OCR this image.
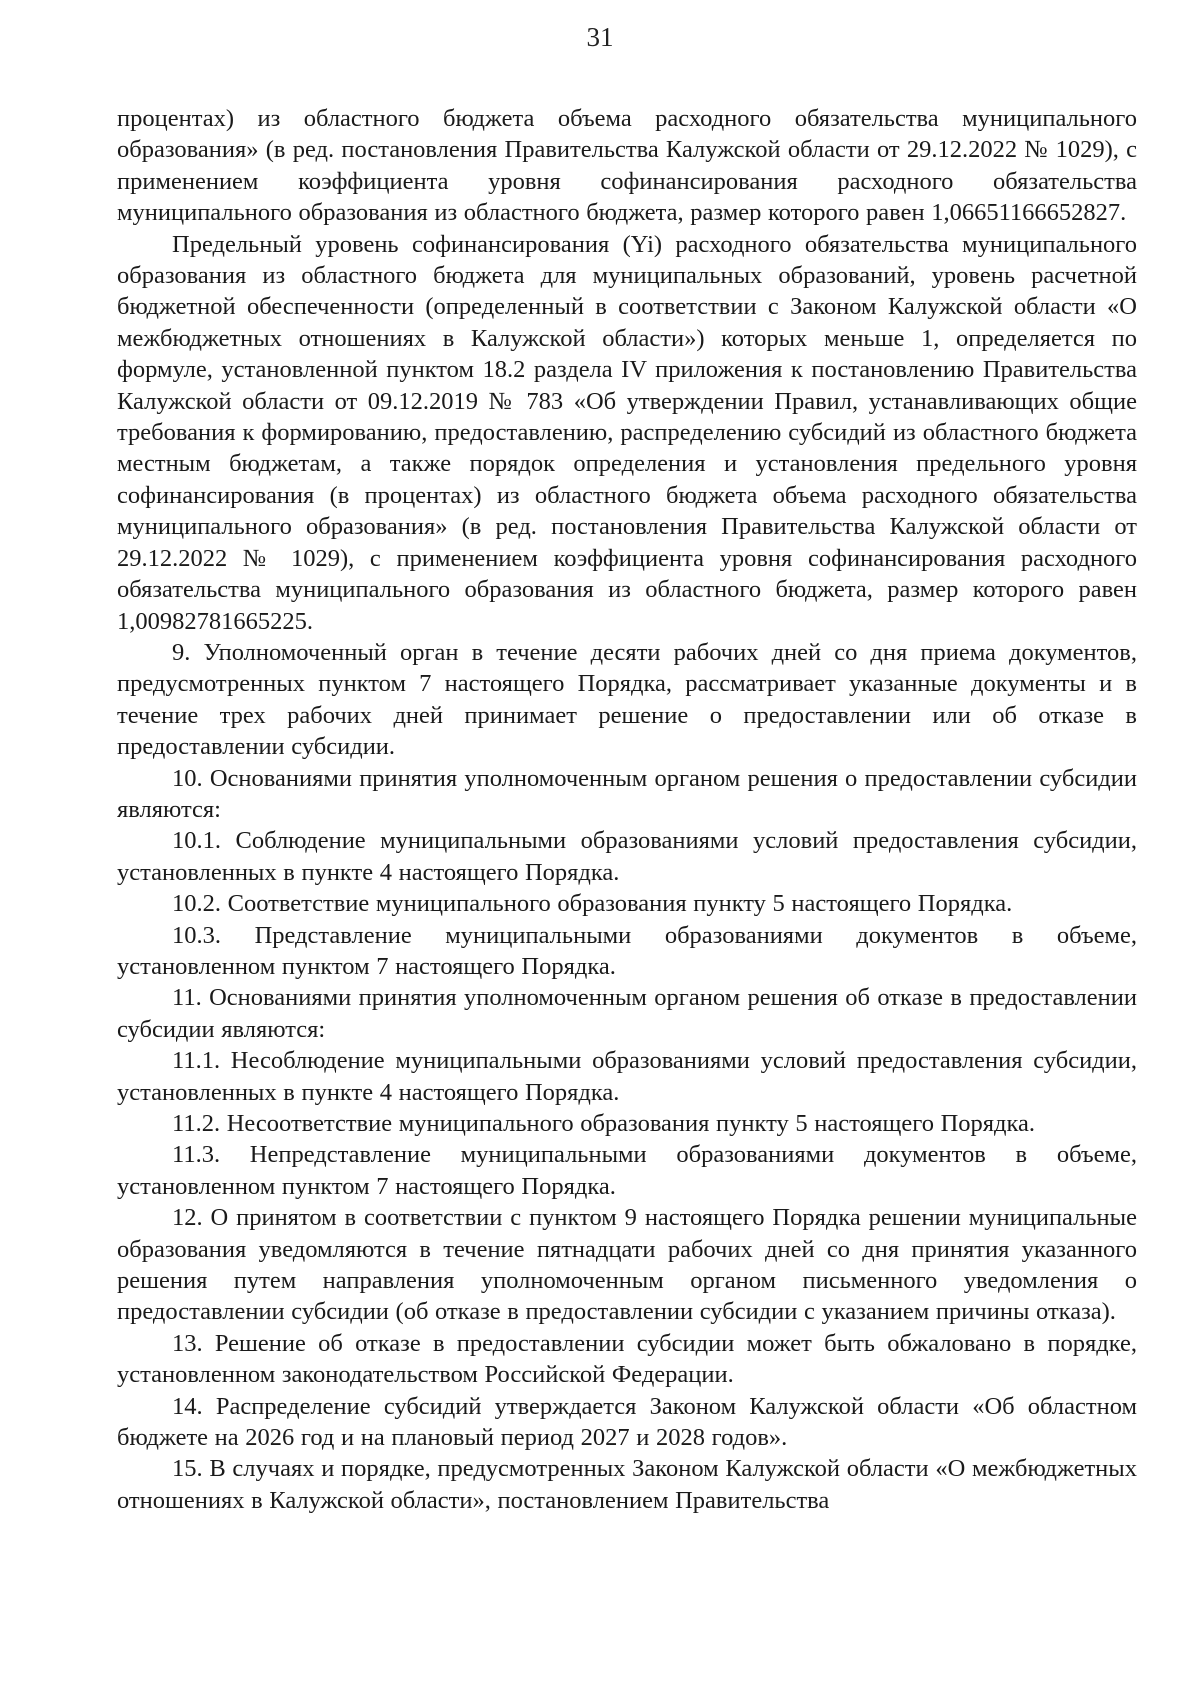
31

процентах) из областного бюджета объема расходного обязательства муниципального образования» (в ред. постановления Правительства Калужской области от 29.12.2022 № 1029), с применением коэффициента уровня софинансирования расходного обязательства муниципального образования из областного бюджета, размер которого равен 1,06651166652827.

Предельный уровень софинансирования (Yi) расходного обязательства муниципального образования из областного бюджета для муниципальных образований, уровень расчетной бюджетной обеспеченности (определенный в соответствии с Законом Калужской области «О межбюджетных отношениях в Калужской области») которых меньше 1, определяется по формуле, установленной пунктом 18.2 раздела IV приложения к постановлению Правительства Калужской области от 09.12.2019 № 783 «Об утверждении Правил, устанавливающих общие требования к формированию, предоставлению, распределению субсидий из областного бюджета местным бюджетам, а также порядок определения и установления предельного уровня софинансирования (в процентах) из областного бюджета объема расходного обязательства муниципального образования» (в ред. постановления Правительства Калужской области от 29.12.2022 № 1029), с применением коэффициента уровня софинансирования расходного обязательства муниципального образования из областного бюджета, размер которого равен 1,00982781665225.

9. Уполномоченный орган в течение десяти рабочих дней со дня приема документов, предусмотренных пунктом 7 настоящего Порядка, рассматривает указанные документы и в течение трех рабочих дней принимает решение о предоставлении или об отказе в предоставлении субсидии.

10. Основаниями принятия уполномоченным органом решения о предоставлении субсидии являются:

10.1. Соблюдение муниципальными образованиями условий предоставления субсидии, установленных в пункте 4 настоящего Порядка.

10.2. Соответствие муниципального образования пункту 5 настоящего Порядка.

10.3. Представление муниципальными образованиями документов в объеме, установленном пунктом 7 настоящего Порядка.

11. Основаниями принятия уполномоченным органом решения об отказе в предоставлении субсидии являются:

11.1. Несоблюдение муниципальными образованиями условий предоставления субсидии, установленных в пункте 4 настоящего Порядка.

11.2. Несоответствие муниципального образования пункту 5 настоящего Порядка.

11.3. Непредставление муниципальными образованиями документов в объеме, установленном пунктом 7 настоящего Порядка.

12. О принятом в соответствии с пунктом 9 настоящего Порядка решении муниципальные образования уведомляются в течение пятнадцати рабочих дней со дня принятия указанного решения путем направления уполномоченным органом письменного уведомления о предоставлении субсидии (об отказе в предоставлении субсидии с указанием причины отказа).

13. Решение об отказе в предоставлении субсидии может быть обжаловано в порядке, установленном законодательством Российской Федерации.

14. Распределение субсидий утверждается Законом Калужской области «Об областном бюджете на 2026 год и на плановый период 2027 и 2028 годов».

15. В случаях и порядке, предусмотренных Законом Калужской области «О межбюджетных отношениях в Калужской области», постановлением Правительства
